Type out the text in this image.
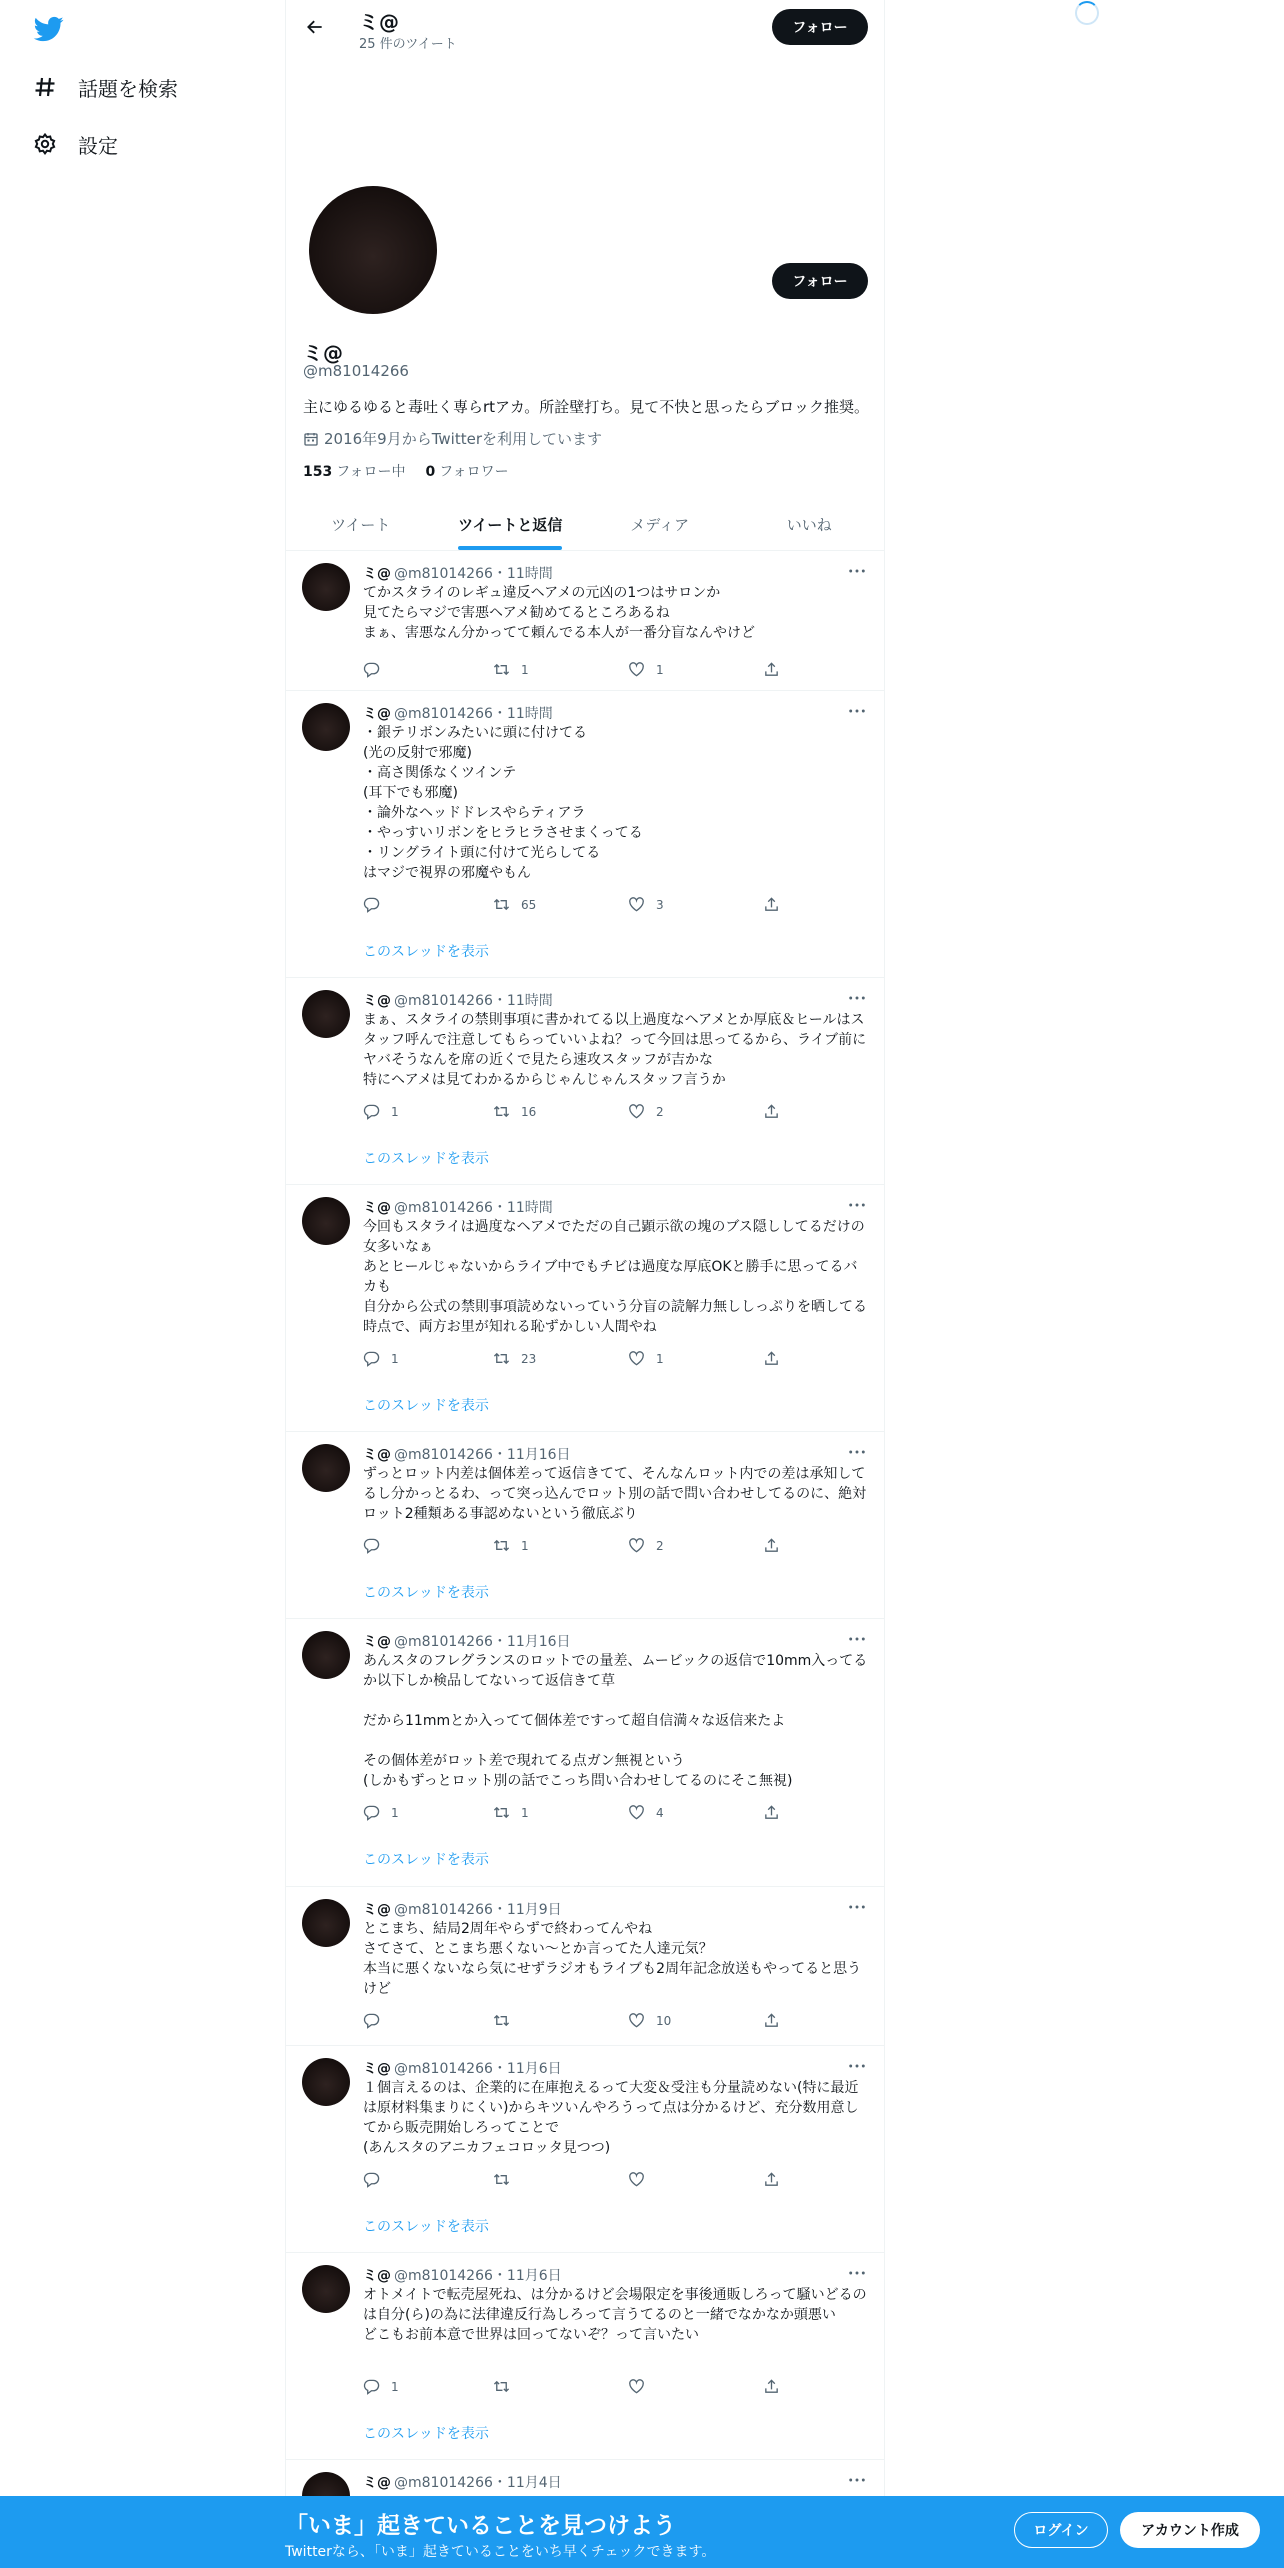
話題を検索
設定
ミ@
25 件のツイート
フォロー
フォロー
ミ@
@m81014266
主にゆるゆると毒吐く専らrtアカ。所詮壁打ち。見て不快と思ったらブロック推奨。
2016年9月からTwitterを利用しています
153 フォロー中 0 フォロワー
ツイート	ツイートと返信	メディア	いいね
ミ@ @m81014266・11時間
てかスタライのレギュ違反ヘアメの元凶の1つはサロンか
見てたらマジで害悪ヘアメ勧めてるところあるね
まぁ、害悪なん分かってて頼んでる本人が一番分盲なんやけど
1	1
ミ@ @m81014266・11時間
・銀テリボンみたいに頭に付けてる
(光の反射で邪魔)
・高さ関係なくツインテ
(耳下でも邪魔)
・論外なヘッドドレスやらティアラ
・やっすいリボンをヒラヒラさせまくってる
・リングライト頭に付けて光らしてる
はマジで視界の邪魔やもん
65	3
このスレッドを表示
ミ@ @m81014266・11時間
まぁ、スタライの禁則事項に書かれてる以上過度なヘアメとか厚底＆ヒールはスタッフ呼んで注意してもらっていいよね？って今回は思ってるから、ライブ前にヤバそうなんを席の近くで見たら速攻スタッフが吉かな
特にヘアメは見てわかるからじゃんじゃんスタッフ言うか
1	16	2
このスレッドを表示
ミ@ @m81014266・11時間
今回もスタライは過度なヘアメでただの自己顕示欲の塊のブス隠ししてるだけの女多いなぁ
あとヒールじゃないからライブ中でもチビは過度な厚底OKと勝手に思ってるバカも
自分から公式の禁則事項読めないっていう分盲の読解力無ししっぷりを晒してる時点で、両方お里が知れる恥ずかしい人間やね
1	23	1
このスレッドを表示
ミ@ @m81014266・11月16日
ずっとロット内差は個体差って返信きてて、そんなんロット内での差は承知してるし分かっとるわ、って突っ込んでロット別の話で問い合わせしてるのに、絶対ロット2種類ある事認めないという徹底ぶり
1	2
このスレッドを表示
ミ@ @m81014266・11月16日
あんスタのフレグランスのロットでの量差、ムービックの返信で10mm入ってるか以下しか検品してないって返信きて草

だから11mmとか入ってて個体差ですって超自信満々な返信来たよ

その個体差がロット差で現れてる点ガン無視という
(しかもずっとロット別の話でこっち問い合わせしてるのにそこ無視)
1	1	4
このスレッドを表示
ミ@ @m81014266・11月9日
とこまち、結局2周年やらずで終わってんやね
さてさて、とこまち悪くない〜とか言ってた人達元気？
本当に悪くないなら気にせずラジオもライブも2周年記念放送もやってると思うけど
10
ミ@ @m81014266・11月6日
１個言えるのは、企業的に在庫抱えるって大変＆受注も分量読めない(特に最近は原材料集まりにくい)からキツいんやろうって点は分かるけど、充分数用意してから販売開始しろってことで
(あんスタのアニカフェコロッタ見つつ)
このスレッドを表示
ミ@ @m81014266・11月6日
オトメイトで転売屋死ね、は分かるけど会場限定を事後通販しろって騒いどるのは自分(ら)の為に法律違反行為しろって言うてるのと一緒でなかなか頭悪い
どこもお前本意で世界は回ってないぞ？って言いたい
1
このスレッドを表示
ミ@ @m81014266・11月4日
「いま」起きていることを見つけよう
Twitterなら、「いま」起きていることをいち早くチェックできます。
ログイン	アカウント作成
